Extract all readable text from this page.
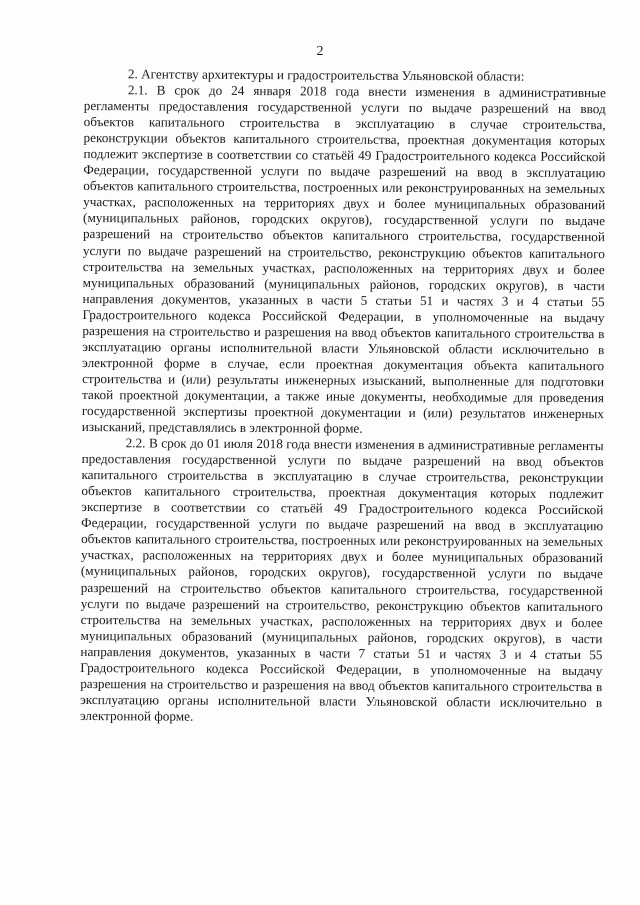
2

2. Агентству архитектуры и градостроительства Ульяновской области:

2.1. В срок до 24 января 2018 года внести изменения в административные регламенты предоставления государственной услуги по выдаче разрешений на ввод объектов капитального строительства в эксплуатацию в случае строительства, реконструкции объектов капитального строительства, проектная документация которых подлежит экспертизе в соответствии со статьёй 49 Градостроительного кодекса Российской Федерации, государственной услуги по выдаче разрешений на ввод в эксплуатацию объектов капитального строительства, построенных или реконструированных на земельных участках, расположенных на территориях двух и более муниципальных образований (муниципальных районов, городских округов), государственной услуги по выдаче разрешений на строительство объектов капитального строительства, государственной услуги по выдаче разрешений на строительство, реконструкцию объектов капитального строительства на земельных участках, расположенных на территориях двух и более муниципальных образований (муниципальных районов, городских округов), в части направления документов, указанных в части 5 статьи 51 и частях 3 и 4 статьи 55 Градостроительного кодекса Российской Федерации, в уполномоченные на выдачу разрешения на строительство и разрешения на ввод объектов капитального строительства в эксплуатацию органы исполнительной власти Ульяновской области исключительно в электронной форме в случае, если проектная документация объекта капитального строительства и (или) результаты инженерных изысканий, выполненные для подготовки такой проектной документации, а также иные документы, необходимые для проведения государственной экспертизы проектной документации и (или) результатов инженерных изысканий, представлялись в электронной форме.

2.2. В срок до 01 июля 2018 года внести изменения в административные регламенты предоставления государственной услуги по выдаче разрешений на ввод объектов капитального строительства в эксплуатацию в случае строительства, реконструкции объектов капитального строительства, проектная документация которых подлежит экспертизе в соответствии со статьёй 49 Градостроительного кодекса Российской Федерации, государственной услуги по выдаче разрешений на ввод в эксплуатацию объектов капитального строительства, построенных или реконструированных на земельных участках, расположенных на территориях двух и более муниципальных образований (муниципальных районов, городских округов), государственной услуги по выдаче разрешений на строительство объектов капитального строительства, государственной услуги по выдаче разрешений на строительство, реконструкцию объектов капитального строительства на земельных участках, расположенных на территориях двух и более муниципальных образований (муниципальных районов, городских округов), в части направления документов, указанных в части 7 статьи 51 и частях 3 и 4 статьи 55 Градостроительного кодекса Российской Федерации, в уполномоченные на выдачу разрешения на строительство и разрешения на ввод объектов капитального строительства в эксплуатацию органы исполнительной власти Ульяновской области исключительно в электронной форме.
